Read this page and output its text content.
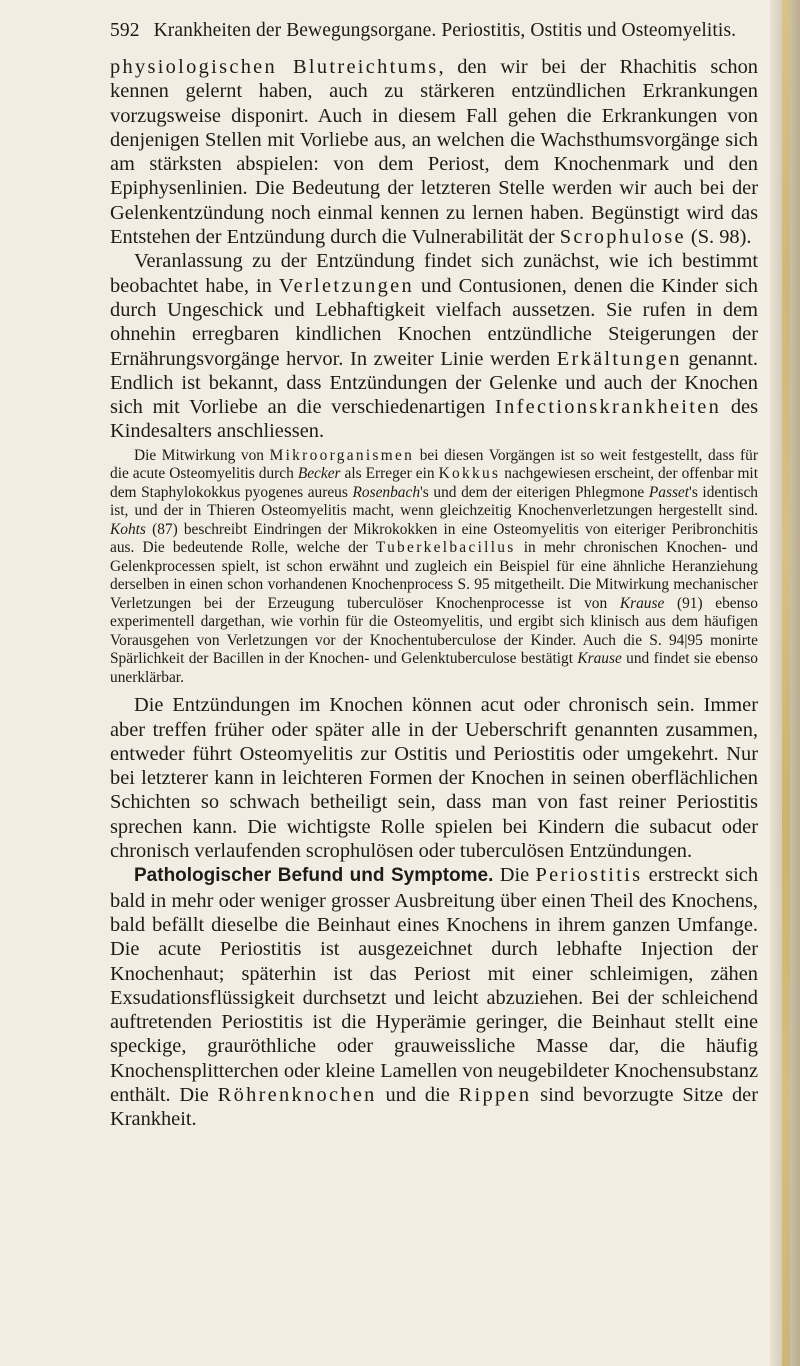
592 Krankheiten der Bewegungsorgane. Periostitis, Ostitis und Osteomyelitis.

physiologischen Blutreichtums, den wir bei der Rhachitis schon kennen gelernt haben, auch zu stärkeren entzündlichen Erkrankungen vorzugsweise disponirt. Auch in diesem Fall gehen die Erkrankungen von denjenigen Stellen mit Vorliebe aus, an welchen die Wachsthumsvorgänge sich am stärksten abspielen: von dem Periost, dem Knochenmark und den Epiphysenlinien. Die Bedeutung der letzteren Stelle werden wir auch bei der Gelenkentzündung noch einmal kennen zu lernen haben. Begünstigt wird das Entstehen der Entzündung durch die Vulnerabilität der Scrophulose (S. 98).

Veranlassung zu der Entzündung findet sich zunächst, wie ich bestimmt beobachtet habe, in Verletzungen und Contusionen, denen die Kinder sich durch Ungeschick und Lebhaftigkeit vielfach aussetzen. Sie rufen in dem ohnehin erregbaren kindlichen Knochen entzündliche Steigerungen der Ernährungsvorgänge hervor. In zweiter Linie werden Erkältungen genannt. Endlich ist bekannt, dass Entzündungen der Gelenke und auch der Knochen sich mit Vorliebe an die verschiedenartigen Infectionskrankheiten des Kindesalters anschliessen.

Die Mitwirkung von Mikroorganismen bei diesen Vorgängen ist so weit festgestellt, dass für die acute Osteomyelitis durch Becker als Erreger ein Kokkus nachgewiesen erscheint, der offenbar mit dem Staphylokokkus pyogenes aureus Rosenbach's und dem der eiterigen Phlegmone Passet's identisch ist, und der in Thieren Osteomyelitis macht, wenn gleichzeitig Knochenverletzungen hergestellt sind. Kohts (87) beschreibt Eindringen der Mikrokokken in eine Osteomyelitis von eiteriger Peribronchitis aus. Die bedeutende Rolle, welche der Tuberkelbacillus in mehr chronischen Knochen- und Gelenkprocessen spielt, ist schon erwähnt und zugleich ein Beispiel für eine ähnliche Heranziehung derselben in einen schon vorhandenen Knochenprocess S. 95 mitgetheilt. Die Mitwirkung mechanischer Verletzungen bei der Erzeugung tuberculöser Knochenprocesse ist von Krause (91) ebenso experimentell dargethan, wie vorhin für die Osteomyelitis, und ergibt sich klinisch aus dem häufigen Vorausgehen von Verletzungen vor der Knochentuberculose der Kinder. Auch die S. 94|95 monirte Spärlichkeit der Bacillen in der Knochen- und Gelenktuberculose bestätigt Krause und findet sie ebenso unerklärbar.

Die Entzündungen im Knochen können acut oder chronisch sein. Immer aber treffen früher oder später alle in der Ueberschrift genannten zusammen, entweder führt Osteomyelitis zur Ostitis und Periostitis oder umgekehrt. Nur bei letzterer kann in leichteren Formen der Knochen in seinen oberflächlichen Schichten so schwach betheiligt sein, dass man von fast reiner Periostitis sprechen kann. Die wichtigste Rolle spielen bei Kindern die subacut oder chronisch verlaufenden scrophulösen oder tuberculösen Entzündungen.

Pathologischer Befund und Symptome. Die Periostitis erstreckt sich bald in mehr oder weniger grosser Ausbreitung über einen Theil des Knochens, bald befällt dieselbe die Beinhaut eines Knochens in ihrem ganzen Umfange. Die acute Periostitis ist ausgezeichnet durch lebhafte Injection der Knochenhaut; späterhin ist das Periost mit einer schleimigen, zähen Exsudationsflüssigkeit durchsetzt und leicht abzuziehen. Bei der schleichend auftretenden Periostitis ist die Hyperämie geringer, die Beinhaut stellt eine speckige, grauröthliche oder grauweissliche Masse dar, die häufig Knochensplitterchen oder kleine Lamellen von neugebildeter Knochensubstanz enthält. Die Röhrenknochen und die Rippen sind bevorzugte Sitze der Krankheit.
